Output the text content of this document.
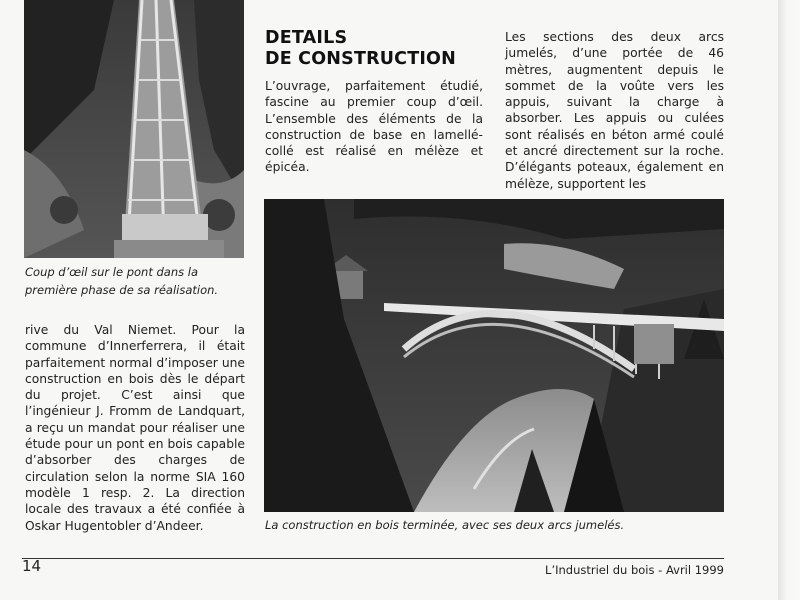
Coup d’œil sur le pont dans la première phase de sa réalisation.

DETAILS
DE CONSTRUCTION

L’ouvrage, parfaitement étudié, fascine au premier coup d’œil. L’ensemble des éléments de la construction de base en lamellé-collé est réalisé en mélèze et épicéa.

Les sections des deux arcs jumelés, d’une portée de 46 mètres, augmentent depuis le sommet de la voûte vers les appuis, suivant la charge à absorber. Les appuis ou culées sont réalisés en béton armé coulé et ancré directement sur la roche. D’élégants poteaux, également en mélèze, supportent les

La construction en bois terminée, avec ses deux arcs jumelés.

rive du Val Niemet. Pour la commune d’Innerferrera, il était parfaitement normal d’imposer une construction en bois dès le départ du projet. C’est ainsi que l’ingénieur J. Fromm de Landquart, a reçu un mandat pour réaliser une étude pour un pont en bois capable d’absorber des charges de circulation selon la norme SIA 160 modèle 1 resp. 2. La direction locale des travaux a été confiée à Oskar Hugentobler d’Andeer.

14	L’Industriel du bois - Avril 1999
